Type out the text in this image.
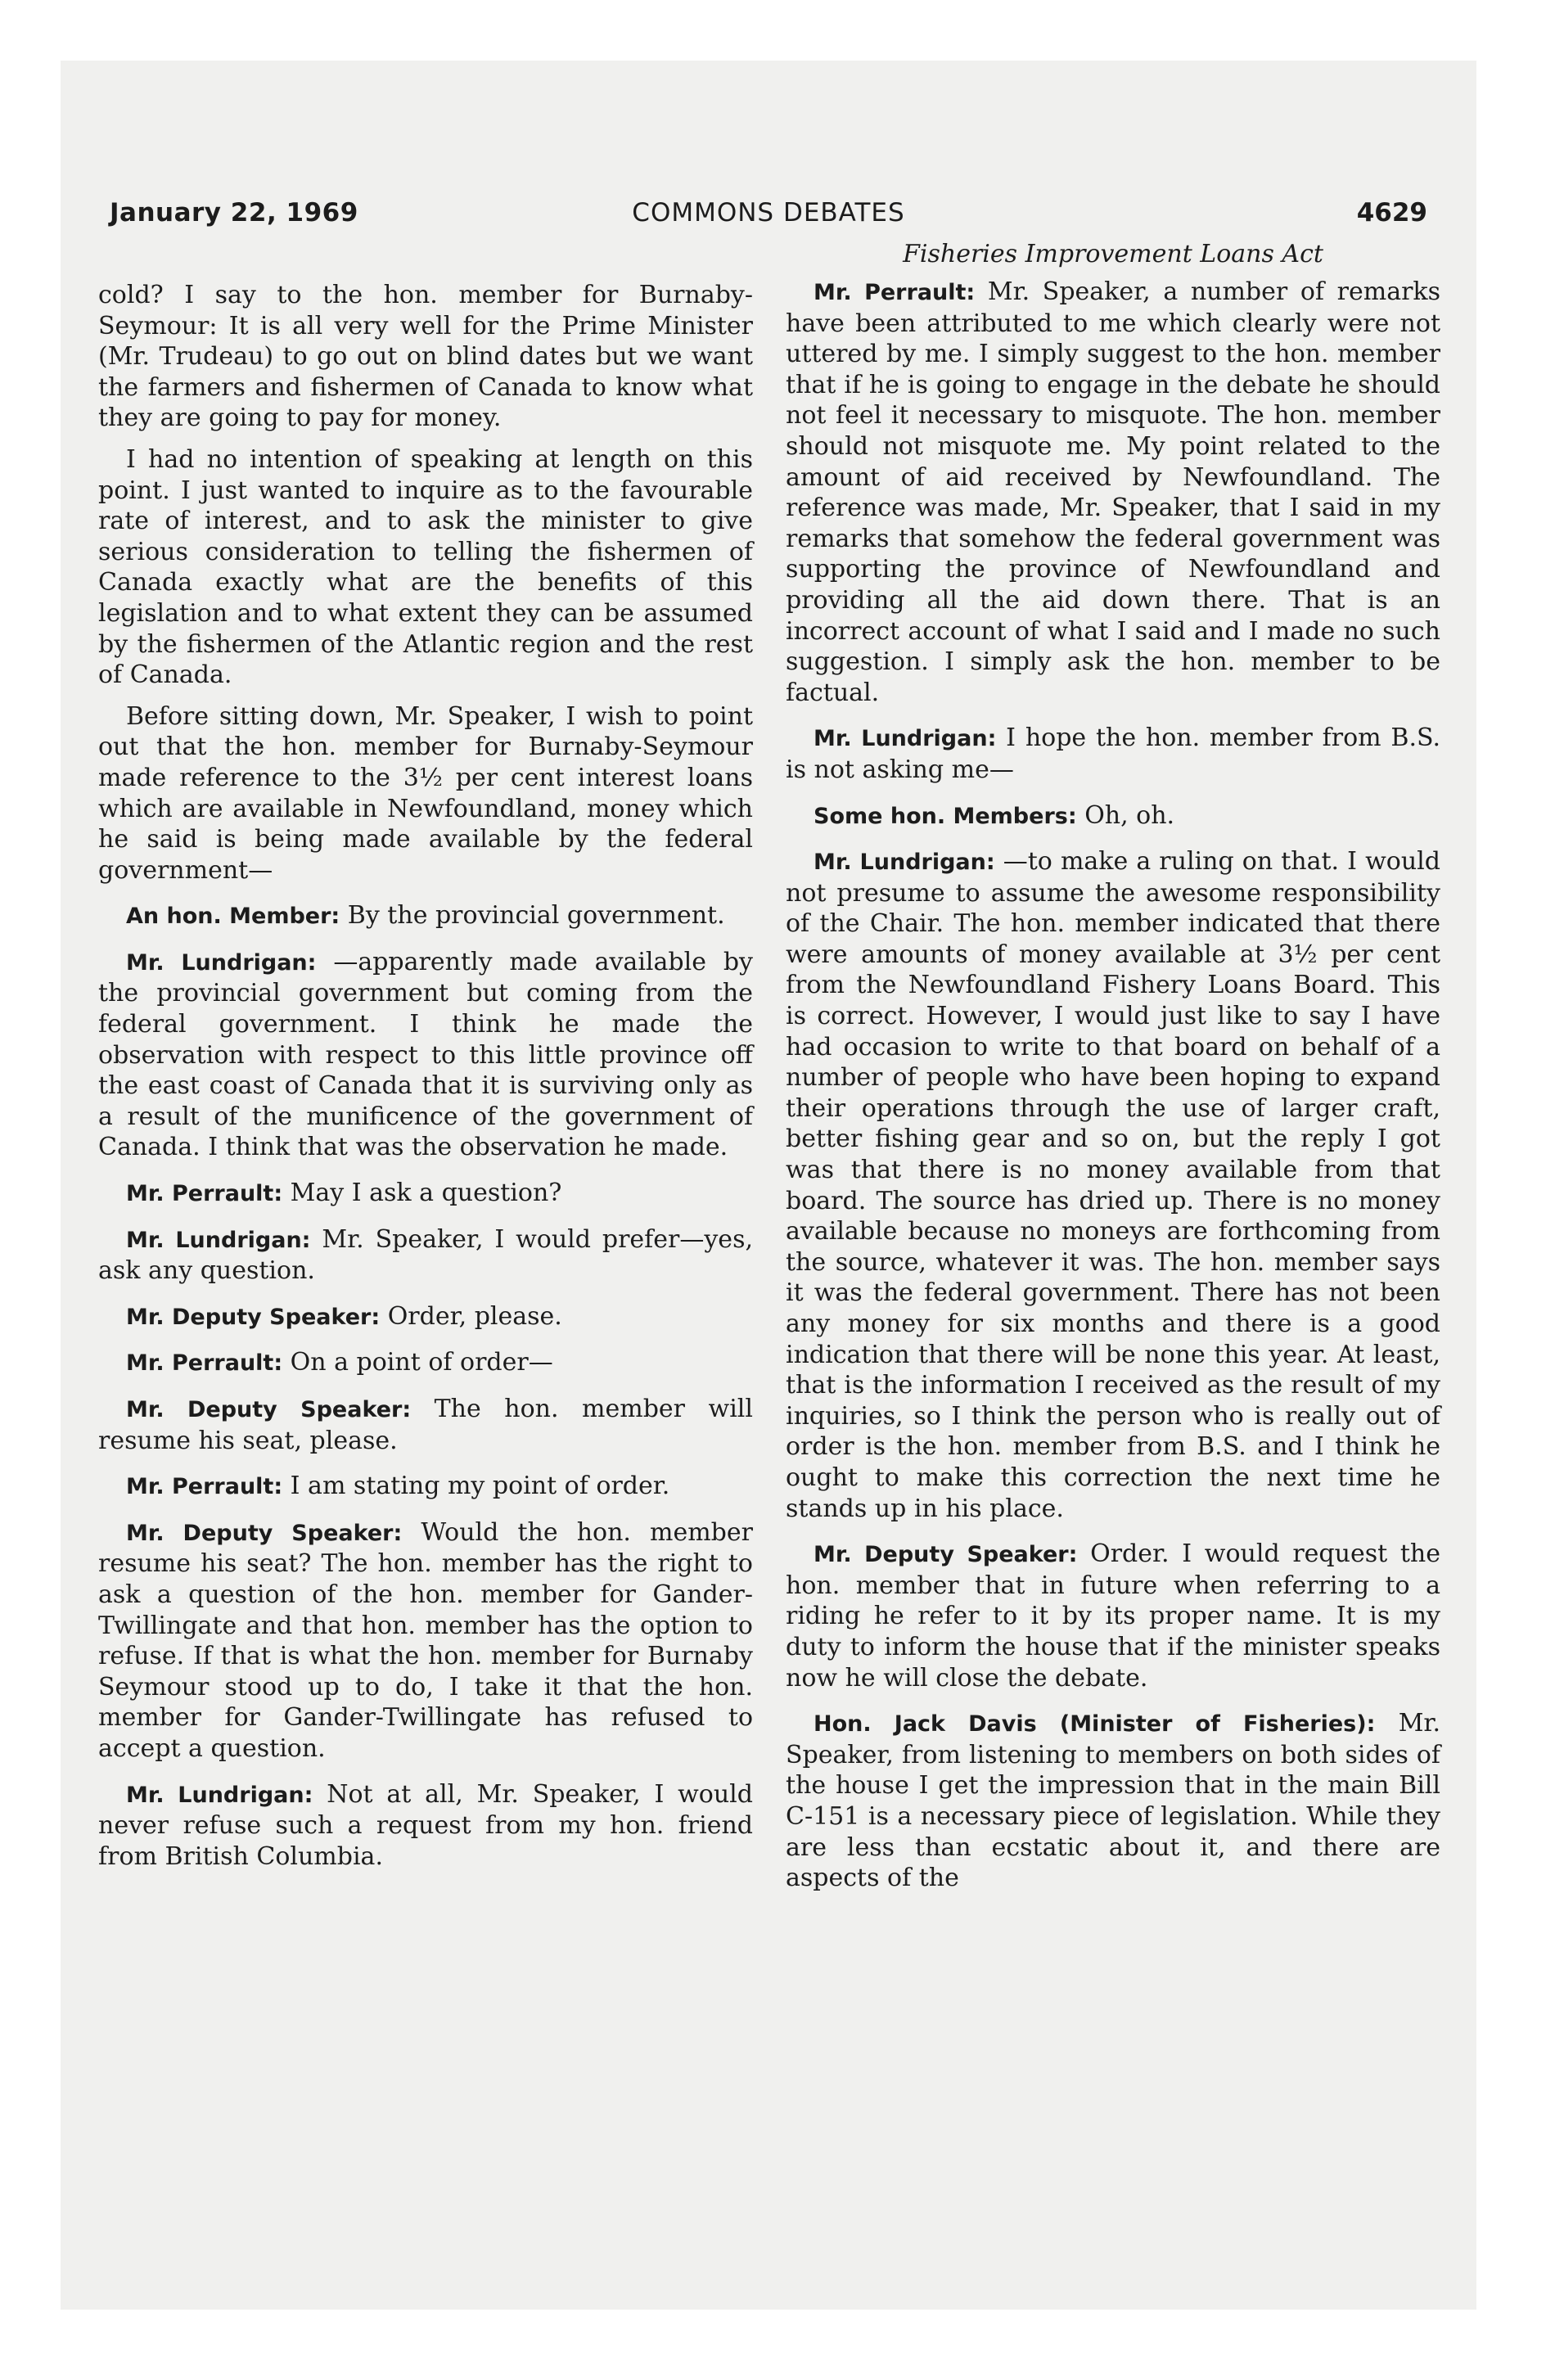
January 22, 1969	COMMONS DEBATES	4629

cold? I say to the hon. member for Burnaby-Seymour: It is all very well for the Prime Minister (Mr. Trudeau) to go out on blind dates but we want the farmers and fishermen of Canada to know what they are going to pay for money.

I had no intention of speaking at length on this point. I just wanted to inquire as to the favourable rate of interest, and to ask the minister to give serious consideration to telling the fishermen of Canada exactly what are the benefits of this legislation and to what extent they can be assumed by the fishermen of the Atlantic region and the rest of Canada.

Before sitting down, Mr. Speaker, I wish to point out that the hon. member for Burnaby-Seymour made reference to the 3½ per cent interest loans which are available in Newfoundland, money which he said is being made available by the federal government—

An hon. Member: By the provincial government.

Mr. Lundrigan: —apparently made available by the provincial government but coming from the federal government. I think he made the observation with respect to this little province off the east coast of Canada that it is surviving only as a result of the munificence of the government of Canada. I think that was the observation he made.

Mr. Perrault: May I ask a question?

Mr. Lundrigan: Mr. Speaker, I would prefer—yes, ask any question.

Mr. Deputy Speaker: Order, please.

Mr. Perrault: On a point of order—

Mr. Deputy Speaker: The hon. member will resume his seat, please.

Mr. Perrault: I am stating my point of order.

Mr. Deputy Speaker: Would the hon. member resume his seat? The hon. member has the right to ask a question of the hon. member for Gander-Twillingate and that hon. member has the option to refuse. If that is what the hon. member for Burnaby Seymour stood up to do, I take it that the hon. member for Gander-Twillingate has refused to accept a question.

Mr. Lundrigan: Not at all, Mr. Speaker, I would never refuse such a request from my hon. friend from British Columbia.

Fisheries Improvement Loans Act

Mr. Perrault: Mr. Speaker, a number of remarks have been attributed to me which clearly were not uttered by me. I simply suggest to the hon. member that if he is going to engage in the debate he should not feel it necessary to misquote. The hon. member should not misquote me. My point related to the amount of aid received by Newfoundland. The reference was made, Mr. Speaker, that I said in my remarks that somehow the federal government was supporting the province of Newfoundland and providing all the aid down there. That is an incorrect account of what I said and I made no such suggestion. I simply ask the hon. member to be factual.

Mr. Lundrigan: I hope the hon. member from B.S. is not asking me—

Some hon. Members: Oh, oh.

Mr. Lundrigan: —to make a ruling on that. I would not presume to assume the awesome responsibility of the Chair. The hon. member indicated that there were amounts of money available at 3½ per cent from the Newfoundland Fishery Loans Board. This is correct. However, I would just like to say I have had occasion to write to that board on behalf of a number of people who have been hoping to expand their operations through the use of larger craft, better fishing gear and so on, but the reply I got was that there is no money available from that board. The source has dried up. There is no money available because no moneys are forthcoming from the source, whatever it was. The hon. member says it was the federal government. There has not been any money for six months and there is a good indication that there will be none this year. At least, that is the information I received as the result of my inquiries, so I think the person who is really out of order is the hon. member from B.S. and I think he ought to make this correction the next time he stands up in his place.

Mr. Deputy Speaker: Order. I would request the hon. member that in future when referring to a riding he refer to it by its proper name. It is my duty to inform the house that if the minister speaks now he will close the debate.

Hon. Jack Davis (Minister of Fisheries): Mr. Speaker, from listening to members on both sides of the house I get the impression that in the main Bill C-151 is a necessary piece of legislation. While they are less than ecstatic about it, and there are aspects of the
